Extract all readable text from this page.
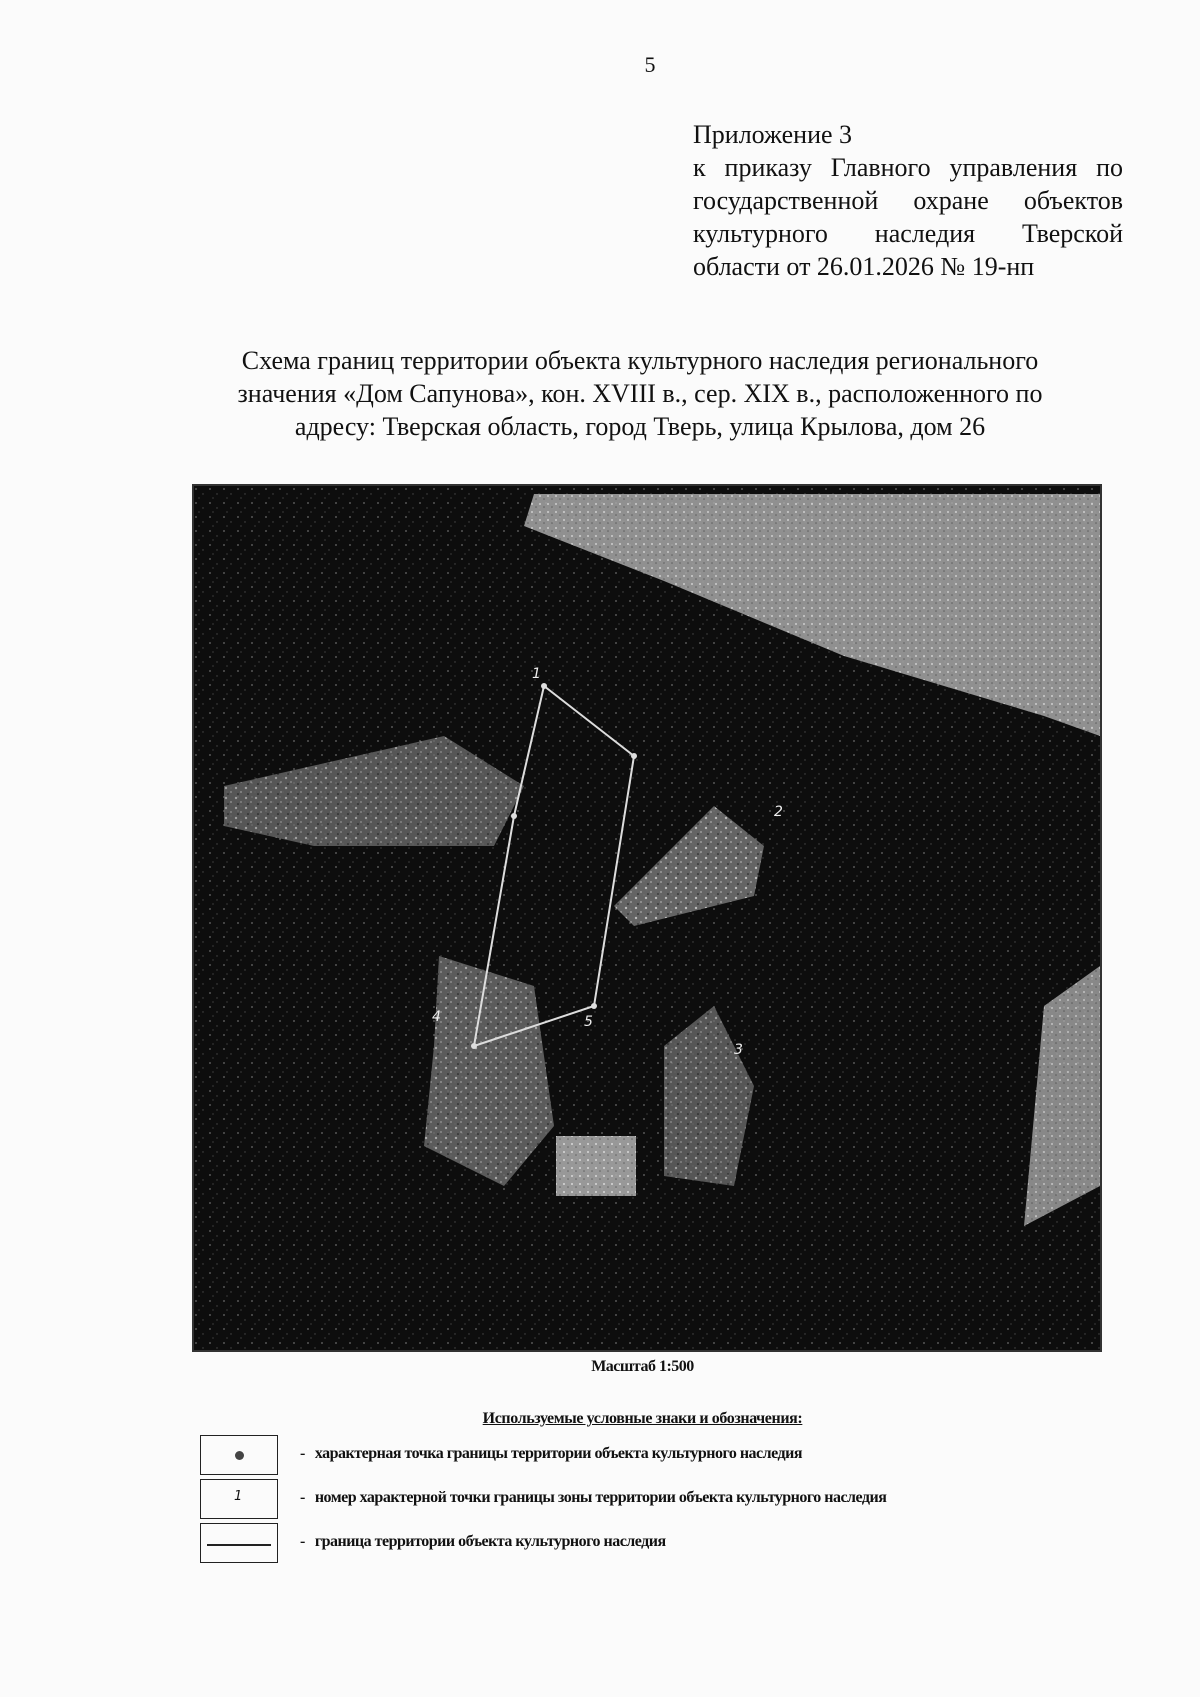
5
Приложение 3
к приказу Главного управления по
государственной охране объектов
культурного наследия Тверской
области от 26.01.2026 № 19-нп
Схема границ территории объекта культурного наследия регионального
значения «Дом Сапунова», кон. XVIII в., сер. XIX в., расположенного по
адресу: Тверская область, город Тверь, улица Крылова, дом 26
1
2
3
4	5
Масштаб 1:500
Используемые условные знаки и обозначения:
- характерная точка границы территории объекта культурного наследия
1	- номер характерной точки границы зоны территории объекта культурного наследия
- граница территории объекта культурного наследия
